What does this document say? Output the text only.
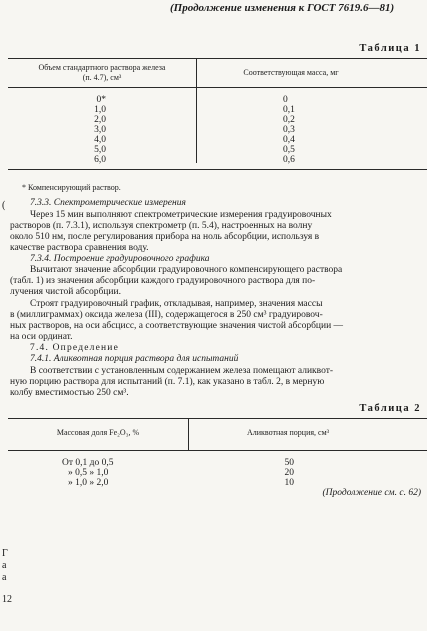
(Продолжение изменения к ГОСТ 7619.6—81)
Таблица 1
Объем стандартного раствора железа
(п. 4.7), см³
Соответствующая масса, мг
0*
1,0
2,0
3,0
4,0
5,0
6,0
0
0,1
0,2
0,3
0,4
0,5
0,6
* Компенсирующий раствор.
7.3.3. Спектрометрические измерения
Через 15 мин выполняют спектрометрические измерения градуировочных
растворов (п. 7.3.1), используя спектрометр (п. 5.4), настроенных на волну
около 510 нм, после регулирования прибора на ноль абсорбции, используя в
качестве раствора сравнения воду.
7.3.4. Построение градуировочного графика
Вычитают значение абсорбции градуировочного компенсирующего раствора
(табл. 1) из значения абсорбции каждого градуировочного раствора для по-
лучения чистой абсорбции.
Строят градуировочный график, откладывая, например, значения массы
в (миллиграммах) оксида железа (III), содержащегося в 250 см³ градуировоч-
ных растворов, на оси абсцисс, а соответствующие значения чистой абсорбции —
на оси ординат.
7.4. Определение
7.4.1. Аликвотная порция раствора для испытаний
В соответствии с установленным содержанием железа помещают аликвот-
ную порцию раствора для испытаний (п. 7.1), как указано в табл. 2, в мерную
колбу вместимостью 250 см³.
Таблица 2
Массовая доля Fe₂O₃, %	Аликвотная порция, см³
От 0,1 до 0,5
» 0,5 » 1,0
» 1,0 » 2,0
50
20
10
(Продолжение см. с. 62)
(
Г
а
а
12
